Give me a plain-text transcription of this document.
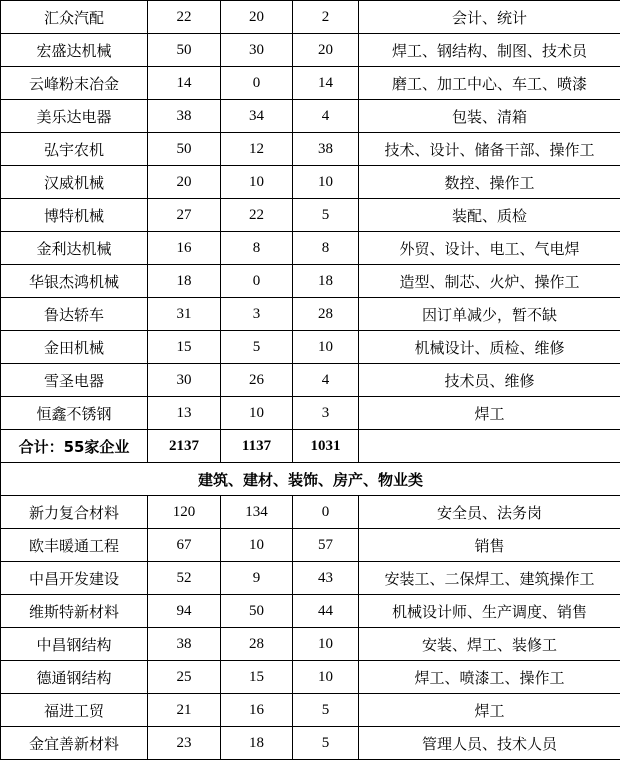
汇众汽配	22	20	2	会计、统计
宏盛达机械	50	30	20	焊工、钢结构、制图、技术员
云峰粉末冶金	14	0	14	磨工、加工中心、车工、喷漆
美乐达电器	38	34	4	包装、清箱
弘宇农机	50	12	38	技术、设计、储备干部、操作工
汉威机械	20	10	10	数控、操作工
博特机械	27	22	5	装配、质检
金利达机械	16	8	8	外贸、设计、电工、气电焊
华银杰鸿机械	18	0	18	造型、制芯、火炉、操作工
鲁达轿车	31	3	28	因订单减少，暂不缺
金田机械	15	5	10	机械设计、质检、维修
雪圣电器	30	26	4	技术员、维修
恒鑫不锈钢	13	10	3	焊工
合计：55家企业	2137	1137	1031	
建筑、建材、装饰、房产、物业类				
新力复合材料	120	134	0	安全员、法务岗
欧丰暖通工程	67	10	57	销售
中昌开发建设	52	9	43	安装工、二保焊工、建筑操作工
维斯特新材料	94	50	44	机械设计师、生产调度、销售
中昌钢结构	38	28	10	安装、焊工、装修工
德通钢结构	25	15	10	焊工、喷漆工、操作工
福进工贸	21	16	5	焊工
金宜善新材料	23	18	5	管理人员、技术人员
